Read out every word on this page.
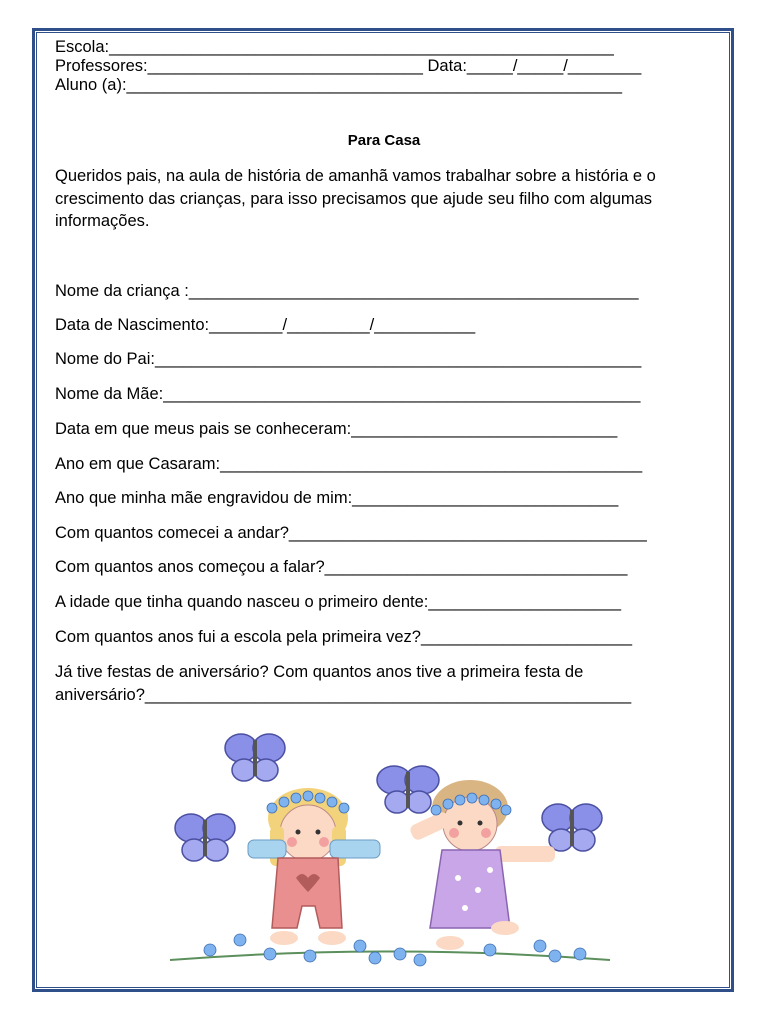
Escola:_______________________________________________________
Professores:______________________________ Data:_____/_____/________
Aluno (a):______________________________________________________
Para Casa
Queridos pais, na aula de história de amanhã vamos trabalhar sobre a história e o crescimento das crianças, para isso precisamos que ajude seu filho com algumas informações.
Nome da criança :_________________________________________________
Data de Nascimento:________/_________/___________
Nome do Pai:_____________________________________________________
Nome da Mãe:____________________________________________________
Data em que meus pais se conheceram:_____________________________
Ano em que Casaram:______________________________________________
Ano que minha mãe engravidou de mim:_____________________________
Com quantos comecei a andar?_______________________________________
Com quantos anos começou a falar?_________________________________
A idade que tinha quando nasceu o primeiro dente:_____________________
Com quantos anos fui a escola pela primeira vez?_______________________
Já tive festas de aniversário? Com quantos anos tive a primeira festa de
aniversário?_____________________________________________________
